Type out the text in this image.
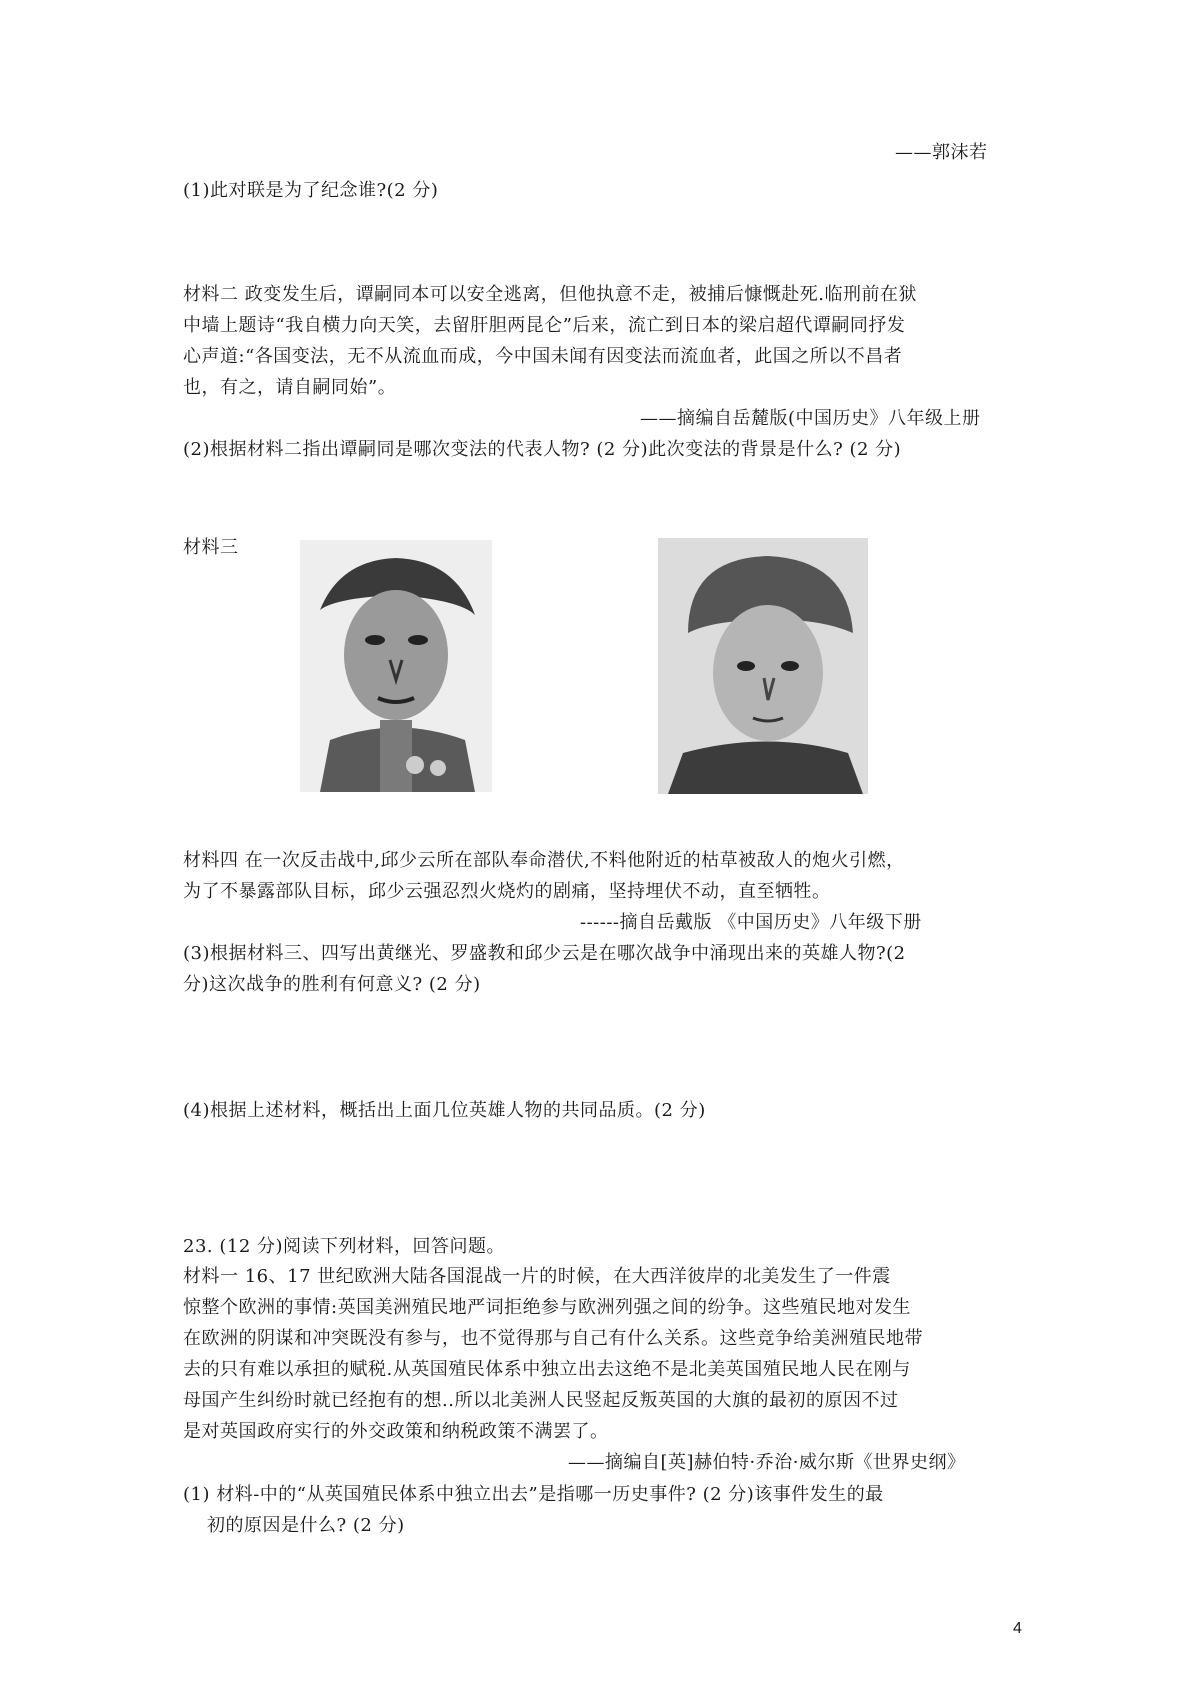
——郭沫若
(1)此对联是为了纪念谁?(2 分)
材料二 政变发生后，谭嗣同本可以安全逃离，但他执意不走，被捕后慷慨赴死.临刑前在狱
中墙上题诗“我自横力向天笑，去留肝胆两昆仑”后来，流亡到日本的梁启超代谭嗣同抒发
心声道:“各国变法，无不从流血而成，今中国未闻有因变法而流血者，此国之所以不昌者
也，有之，请自嗣同始”。
——摘编自岳麓版(中国历史》八年级上册
(2)根据材料二指出谭嗣同是哪次变法的代表人物? (2 分)此次变法的背景是什么? (2 分)
材料三
材料四 在一次反击战中,邱少云所在部队奉命潜伏,不料他附近的枯草被敌人的炮火引燃，
为了不暴露部队目标，邱少云强忍烈火烧灼的剧痛，坚持埋伏不动，直至牺牲。
------摘自岳戴版 《中国历史》八年级下册
(3)根据材料三、四写出黄继光、罗盛教和邱少云是在哪次战争中涌现出来的英雄人物?(2
分)这次战争的胜利有何意义? (2 分)
(4)根据上述材料，概括出上面几位英雄人物的共同品质。(2 分)
23. (12 分)阅读下列材料，回答问题。
材料一 16、17 世纪欧洲大陆各国混战一片的时候，在大西洋彼岸的北美发生了一件震
惊整个欧洲的事情:英国美洲殖民地严词拒绝参与欧洲列强之间的纷争。这些殖民地对发生
在欧洲的阴谋和冲突既没有参与，也不觉得那与自己有什么关系。这些竞争给美洲殖民地带
去的只有难以承担的赋税.从英国殖民体系中独立出去这绝不是北美英国殖民地人民在刚与
母国产生纠纷时就已经抱有的想..所以北美洲人民竖起反叛英国的大旗的最初的原因不过
是对英国政府实行的外交政策和纳税政策不满罢了。
——摘编自[英]赫伯特·乔治·威尔斯《世界史纲》
(1) 材料-中的“从英国殖民体系中独立出去”是指哪一历史事件? (2 分)该事件发生的最
初的原因是什么? (2 分)
4
